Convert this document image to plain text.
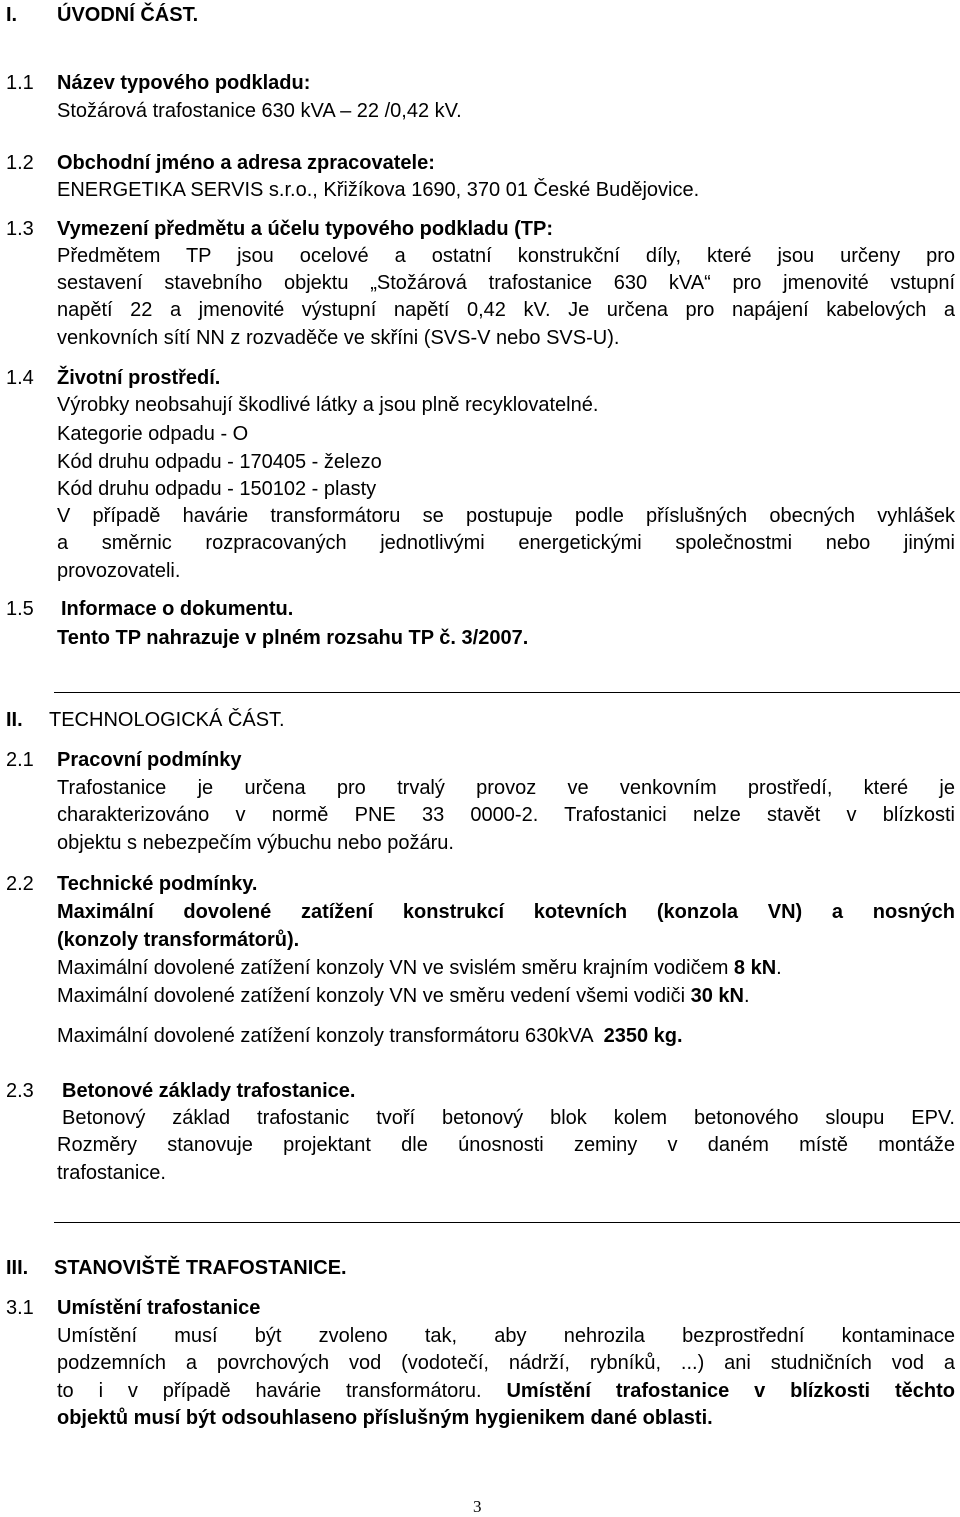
I. ÚVODNÍ ČÁST.
1.1 Název typového podkladu:
Stožárová trafostanice 630 kVA – 22 /0,42 kV.
1.2 Obchodní jméno a adresa zpracovatele:
ENERGETIKA SERVIS s.r.o., Křižíkova 1690, 370 01 České Budějovice.
1.3 Vymezení předmětu a účelu typového podkladu (TP:
Předmětem TP jsou ocelové a ostatní konstrukční díly, které jsou určeny pro
sestavení stavebního objektu „Stožárová trafostanice 630 kVA“ pro jmenovité vstupní
napětí 22 a jmenovité výstupní napětí 0,42 kV. Je určena pro napájení kabelových a
venkovních sítí NN z rozvaděče ve skříni (SVS-V nebo SVS-U).
1.4 Životní prostředí.
Výrobky neobsahují škodlivé látky a jsou plně recyklovatelné.
Kategorie odpadu - O
Kód druhu odpadu - 170405 - železo
Kód druhu odpadu - 150102 - plasty
V případě havárie transformátoru se postupuje podle příslušných obecných vyhlášek
a směrnic rozpracovaných jednotlivými energetickými společnostmi nebo jinými
provozovateli.
1.5 Informace o dokumentu.
Tento TP nahrazuje v plném rozsahu TP č. 3/2007.
II. TECHNOLOGICKÁ ČÁST.
2.1 Pracovní podmínky
Trafostanice je určena pro trvalý provoz ve venkovním prostředí, které je
charakterizováno v normě PNE 33 0000-2. Trafostanici nelze stavět v blízkosti
objektu s nebezpečím výbuchu nebo požáru.
2.2 Technické podmínky.
Maximální dovolené zatížení konstrukcí kotevních (konzola VN) a nosných
(konzoly transformátorů).
Maximální dovolené zatížení konzoly VN ve svislém směru krajním vodičem 8 kN.
Maximální dovolené zatížení konzoly VN ve směru vedení všemi vodiči 30 kN.
Maximální dovolené zatížení konzoly transformátoru 630kVA  2350 kg.
2.3 Betonové základy trafostanice.
Betonový základ trafostanic tvoří betonový blok kolem betonového sloupu EPV.
Rozměry stanovuje projektant dle únosnosti zeminy v daném místě montáže
trafostanice.
III. STANOVIŠTĚ TRAFOSTANICE.
3.1 Umístění trafostanice
Umístění musí být zvoleno tak, aby nehrozila bezprostřední kontaminace
podzemních a povrchových vod (vodotečí, nádrží, rybníků, ...) ani studničních vod a
to i v případě havárie transformátoru. Umístění trafostanice v blízkosti těchto
objektů musí být odsouhlaseno příslušným hygienikem dané oblasti.
3
